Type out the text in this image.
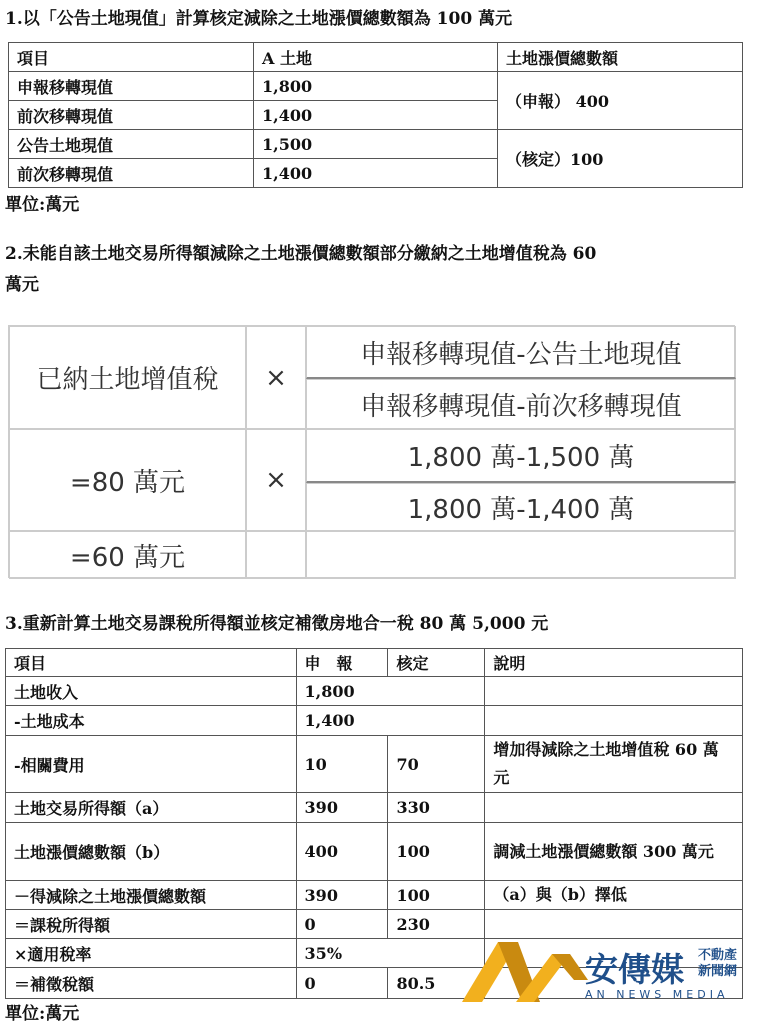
1.以「公告土地現值」計算核定減除之土地漲價總數額為 100 萬元
項目	A 土地	土地漲價總數額
申報移轉現值	1,800	（申報） 400
前次移轉現值	1,400	
公告土地現值	1,500	（核定）100
前次移轉現值	1,400	
單位:萬元
2.未能自該土地交易所得額減除之土地漲價總數額部分繳納之土地增值稅為 60
萬元
已納土地增值稅	×
申報移轉現值-公告土地現值
申報移轉現值-前次移轉現值
=80 萬元	×
1,800 萬-1,500 萬
1,800 萬-1,400 萬
=60 萬元
3.重新計算土地交易課稅所得額並核定補徵房地合一稅 80 萬 5,000 元
項目	申　報	核定	說明
土地收入	1,800		
-土地成本	1,400		
-相關費用	10	70	增加得減除之土地增值稅 60 萬元
土地交易所得額（a）	390	330	
土地漲價總數額（b）	400	100	調減土地漲價總數額 300 萬元
－得減除之土地漲價總數額	390	100	（a）與（b）擇低
＝課稅所得額	0	230	
×適用稅率	35%		
＝補徵稅額	0	80.5	
單位:萬元
安傳媒 不動產
新聞網
AN NEWS MEDIA
